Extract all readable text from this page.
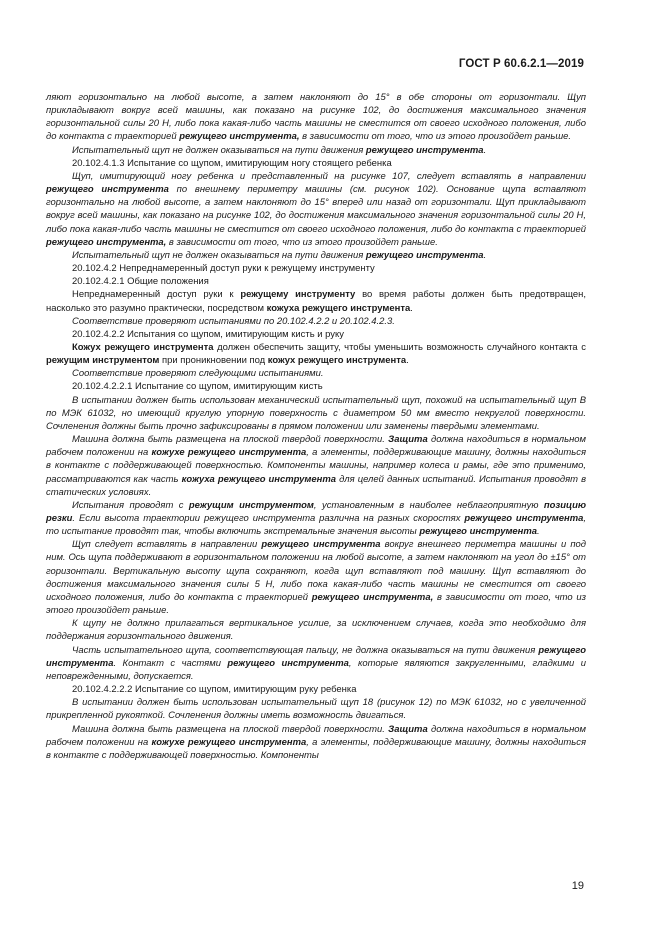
ГОСТ Р 60.6.2.1—2019

ляют горизонтально на любой высоте, а затем наклоняют до 15° в обе стороны от горизонтали. Щуп прикладывают вокруг всей машины, как показано на рисунке 102, до достижения максимального значения горизонтальной силы 20 Н, либо пока какая-либо часть машины не сместится от своего исходного положения, либо до контакта с траекторией режущего инструмента, в зависимости от того, что из этого произойдет раньше.

Испытательный щуп не должен оказываться на пути движения режущего инструмента.

20.102.4.1.3 Испытание со щупом, имитирующим ногу стоящего ребенка

Щуп, имитирующий ногу ребенка и представленный на рисунке 107, следует вставлять в направлении режущего инструмента по внешнему периметру машины (см. рисунок 102). Основание щупа вставляют горизонтально на любой высоте, а затем наклоняют до 15° вперед или назад от горизонтали. Щуп прикладывают вокруг всей машины, как показано на рисунке 102, до достижения максимального значения горизонтальной силы 20 Н, либо пока какая-либо часть машины не сместится от своего исходного положения, либо до контакта с траекторией режущего инструмента, в зависимости от того, что из этого произойдет раньше.

Испытательный щуп не должен оказываться на пути движения режущего инструмента.

20.102.4.2 Непреднамеренный доступ руки к режущему инструменту

20.102.4.2.1 Общие положения

Непреднамеренный доступ руки к режущему инструменту во время работы должен быть предотвращен, насколько это разумно практически, посредством кожуха режущего инструмента.

Соответствие проверяют испытаниями по 20.102.4.2.2 и 20.102.4.2.3.

20.102.4.2.2 Испытания со щупом, имитирующим кисть и руку

Кожух режущего инструмента должен обеспечить защиту, чтобы уменьшить возможность случайного контакта с режущим инструментом при проникновении под кожух режущего инструмента.

Соответствие проверяют следующими испытаниями.

20.102.4.2.2.1 Испытание со щупом, имитирующим кисть

В испытании должен быть использован механический испытательный щуп, похожий на испытательный щуп В по МЭК 61032, но имеющий круглую упорную поверхность с диаметром 50 мм вместо некруглой поверхности. Сочленения должны быть прочно зафиксированы в прямом положении или заменены твердыми элементами.

Машина должна быть размещена на плоской твердой поверхности. Защита должна находиться в нормальном рабочем положении на кожухе режущего инструмента, а элементы, поддерживающие машину, должны находиться в контакте с поддерживающей поверхностью. Компоненты машины, например колеса и рамы, где это применимо, рассматриваются как часть кожуха режущего инструмента для целей данных испытаний. Испытания проводят в статических условиях.

Испытания проводят с режущим инструментом, установленным в наиболее неблагоприятную позицию резки. Если высота траектории режущего инструмента различна на разных скоростях режущего инструмента, то испытание проводят так, чтобы включить экстремальные значения высоты режущего инструмента.

Щуп следует вставлять в направлении режущего инструмента вокруг внешнего периметра машины и под ним. Ось щупа поддерживают в горизонтальном положении на любой высоте, а затем наклоняют на угол до ±15° от горизонтали. Вертикальную высоту щупа сохраняют, когда щуп вставляют под машину. Щуп вставляют до достижения максимального значения силы 5 Н, либо пока какая-либо часть машины не сместится от своего исходного положения, либо до контакта с траекторией режущего инструмента, в зависимости от того, что из этого произойдет раньше.

К щупу не должно прилагаться вертикальное усилие, за исключением случаев, когда это необходимо для поддержания горизонтального движения.

Часть испытательного щупа, соответствующая пальцу, не должна оказываться на пути движения режущего инструмента. Контакт с частями режущего инструмента, которые являются закругленными, гладкими и неповрежденными, допускается.

20.102.4.2.2.2 Испытание со щупом, имитирующим руку ребенка

В испытании должен быть использован испытательный щуп 18 (рисунок 12) по МЭК 61032, но с увеличенной прикрепленной рукояткой. Сочленения должны иметь возможность двигаться.

Машина должна быть размещена на плоской твердой поверхности. Защита должна находиться в нормальном рабочем положении на кожухе режущего инструмента, а элементы, поддерживающие машину, должны находиться в контакте с поддерживающей поверхностью. Компоненты

19
